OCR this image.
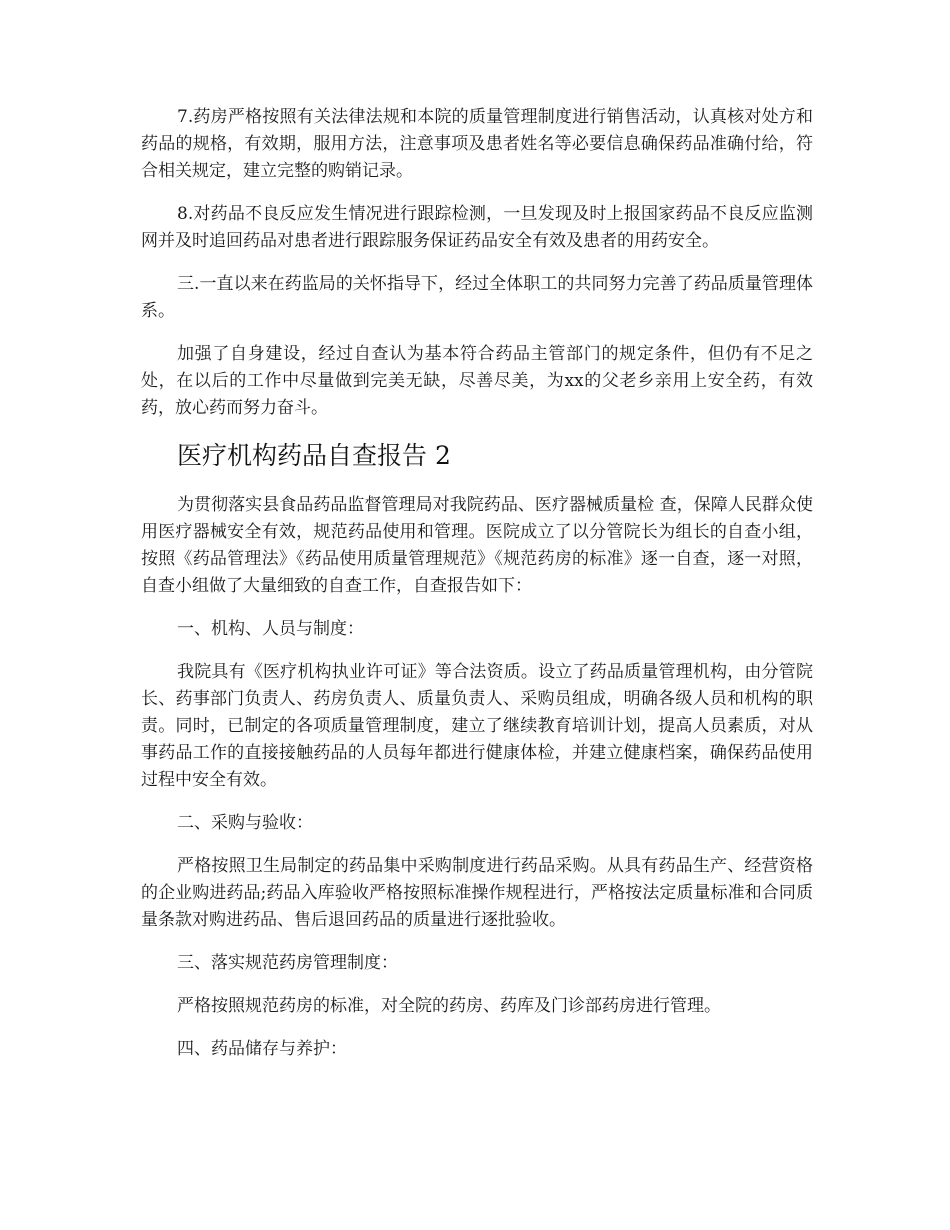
7.药房严格按照有关法律法规和本院的质量管理制度进行销售活动，认真核对处方和药品的规格，有效期，服用方法，注意事项及患者姓名等必要信息确保药品准确付给，符合相关规定，建立完整的购销记录。

8.对药品不良反应发生情况进行跟踪检测，一旦发现及时上报国家药品不良反应监测网并及时追回药品对患者进行跟踪服务保证药品安全有效及患者的用药安全。

三.一直以来在药监局的关怀指导下，经过全体职工的共同努力完善了药品质量管理体系。

加强了自身建设，经过自查认为基本符合药品主管部门的规定条件，但仍有不足之处，在以后的工作中尽量做到完美无缺，尽善尽美，为xx的父老乡亲用上安全药，有效药，放心药而努力奋斗。

医疗机构药品自查报告 2

为贯彻落实县食品药品监督管理局对我院药品、医疗器械质量检 查，保障人民群众使用医疗器械安全有效，规范药品使用和管理。医院成立了以分管院长为组长的自查小组，按照《药品管理法》《药品使用质量管理规范》《规范药房的标准》逐一自查，逐一对照，自查小组做了大量细致的自查工作，自查报告如下：

一、机构、人员与制度：

我院具有《医疗机构执业许可证》等合法资质。设立了药品质量管理机构，由分管院长、药事部门负责人、药房负责人、质量负责人、采购员组成，明确各级人员和机构的职责。同时，已制定的各项质量管理制度，建立了继续教育培训计划，提高人员素质，对从事药品工作的直接接触药品的人员每年都进行健康体检，并建立健康档案，确保药品使用过程中安全有效。

二、采购与验收：

严格按照卫生局制定的药品集中采购制度进行药品采购。从具有药品生产、经营资格的企业购进药品;药品入库验收严格按照标准操作规程进行，严格按法定质量标准和合同质量条款对购进药品、售后退回药品的质量进行逐批验收。

三、落实规范药房管理制度：

严格按照规范药房的标准，对全院的药房、药库及门诊部药房进行管理。

四、药品储存与养护：
